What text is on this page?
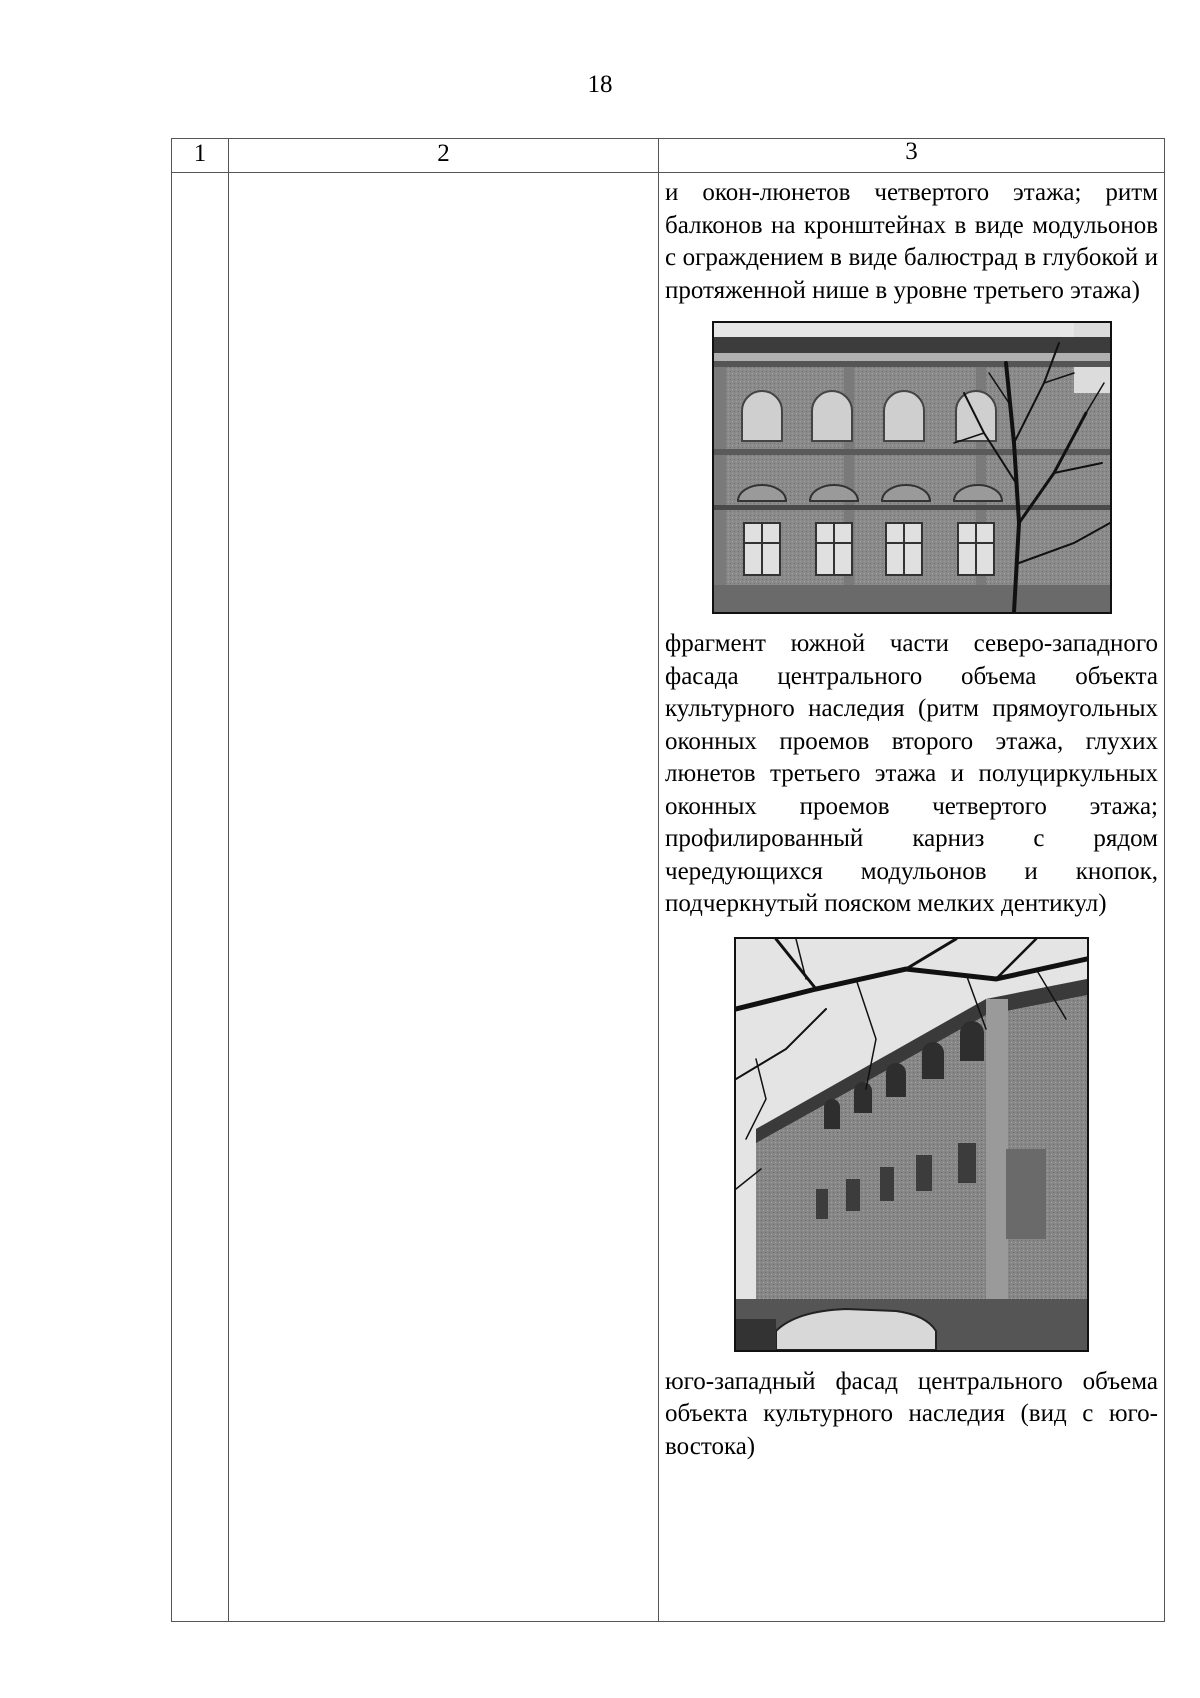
18
1	2	3

		и окон-люнетов четвертого этажа; ритм балконов на кронштейнах в виде модульонов с ограждением в виде балюстрад в глубокой и протяженной нише в уровне третьего этажа)

фрагмент южной части северо-западного фасада центрального объема объекта культурного наследия (ритм прямоугольных оконных проемов второго этажа, глухих люнетов третьего этажа и полуциркульных оконных проемов четвертого этажа; профилированный карниз с рядом чередующихся модульонов и кнопок, подчеркнутый пояском мелких дентикул)

юго-западный фасад центрального объема объекта культурного наследия (вид с юго-востока)
